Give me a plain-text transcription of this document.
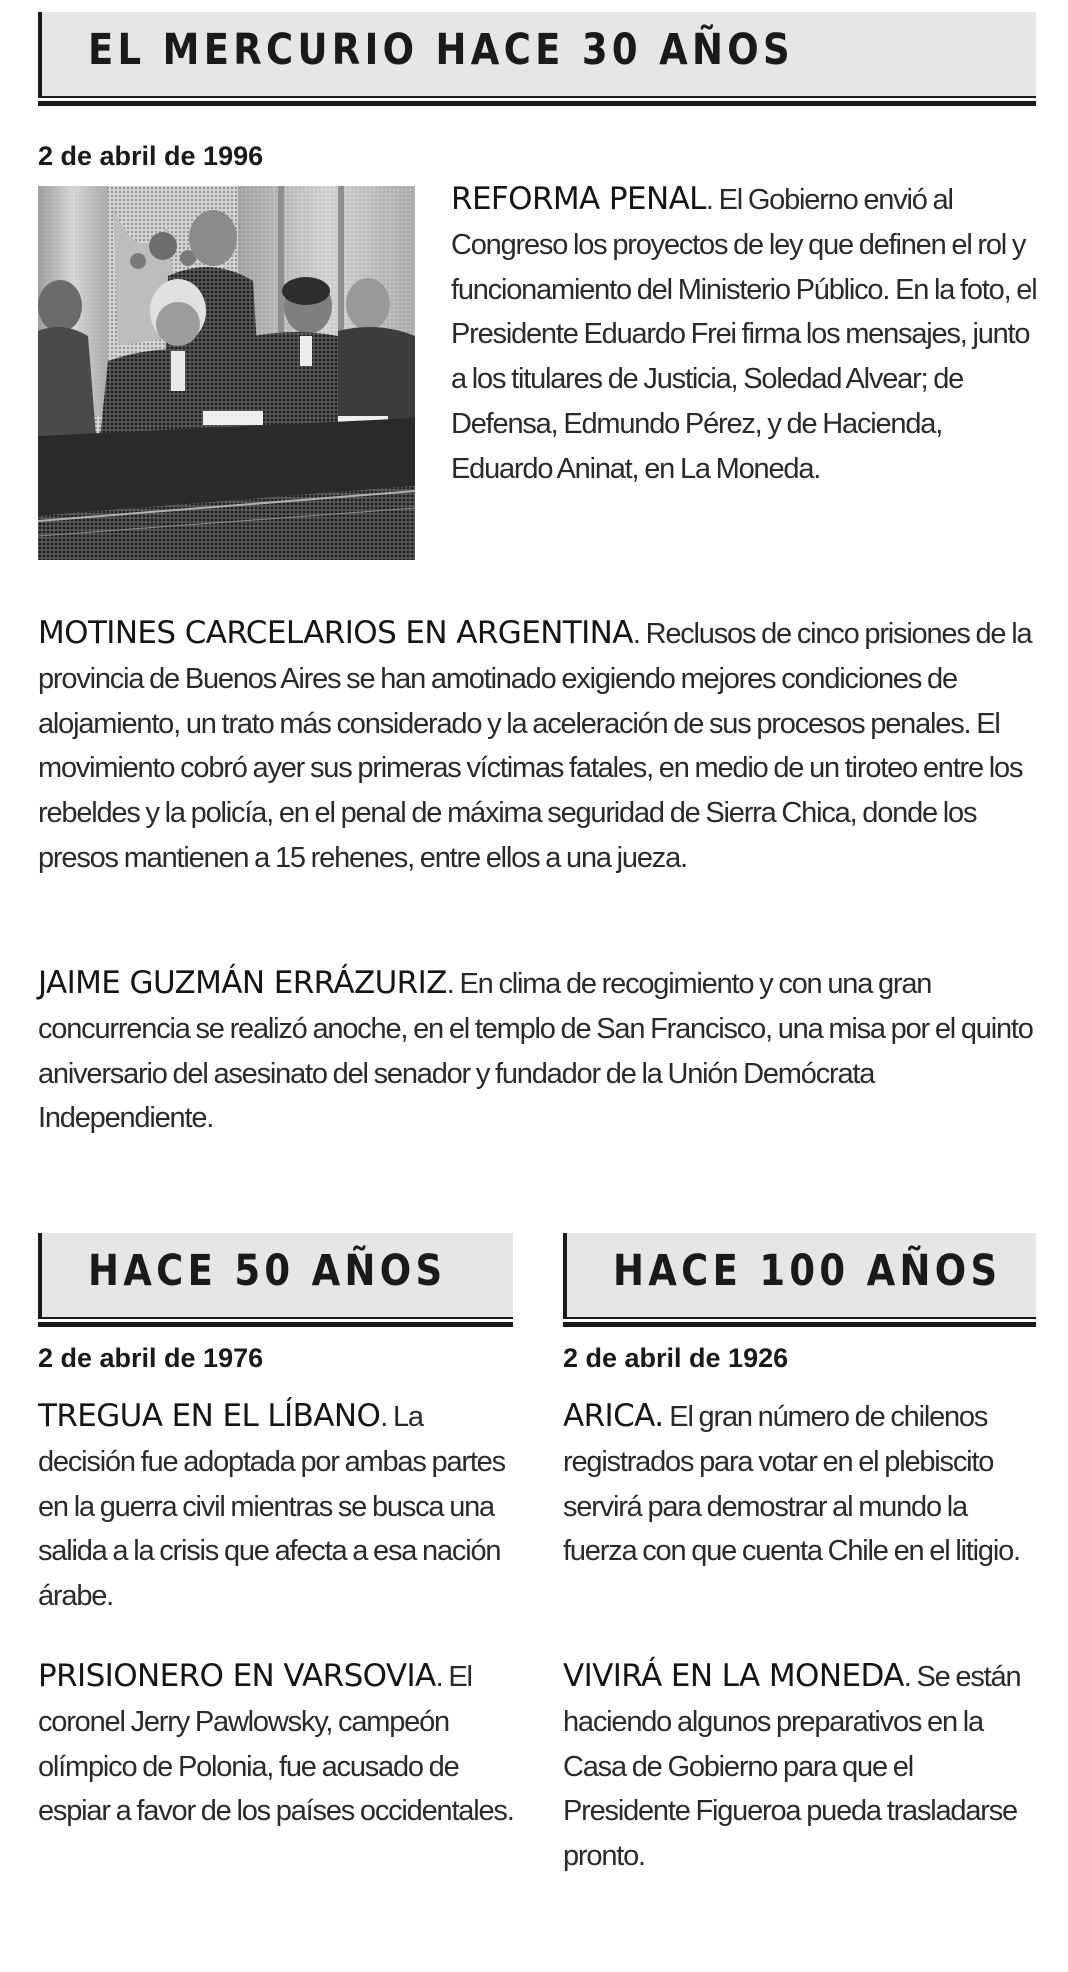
EL MERCURIO HACE 30 AÑOS
2 de abril de 1996

REFORMA PENAL. El Gobierno envió al Congreso los proyectos de ley que definen el rol y funcionamiento del Ministerio Público. En la foto, el Presidente Eduardo Frei firma los mensajes, junto a los titulares de Justicia, Soledad Alvear; de Defensa, Edmundo Pérez, y de Hacienda, Eduardo Aninat, en La Moneda.

MOTINES CARCELARIOS EN ARGENTINA. Reclusos de cinco prisiones de la provincia de Buenos Aires se han amotinado exigiendo mejores condiciones de alojamiento, un trato más considerado y la aceleración de sus procesos penales. El movimiento cobró ayer sus primeras víctimas fatales, en medio de un tiroteo entre los rebeldes y la policía, en el penal de máxima seguridad de Sierra Chica, donde los presos mantienen a 15 rehenes, entre ellos a una jueza.

JAIME GUZMÁN ERRÁZURIZ. En clima de recogimiento y con una gran concurrencia se realizó anoche, en el templo de San Francisco, una misa por el quinto aniversario del asesinato del senador y fundador de la Unión Demócrata Independiente.

HACE 50 AÑOS
2 de abril de 1976

TREGUA EN EL LÍBANO. La decisión fue adoptada por ambas partes en la guerra civil mientras se busca una salida a la crisis que afecta a esa nación árabe.

PRISIONERO EN VARSOVIA. El coronel Jerry Pawlowsky, campeón olímpico de Polonia, fue acusado de espiar a favor de los países occidentales.

HACE 100 AÑOS
2 de abril de 1926

ARICA. El gran número de chilenos registrados para votar en el plebiscito servirá para demostrar al mundo la fuerza con que cuenta Chile en el litigio.

VIVIRÁ EN LA MONEDA. Se están haciendo algunos preparativos en la Casa de Gobierno para que el Presidente Figueroa pueda trasladarse pronto.
